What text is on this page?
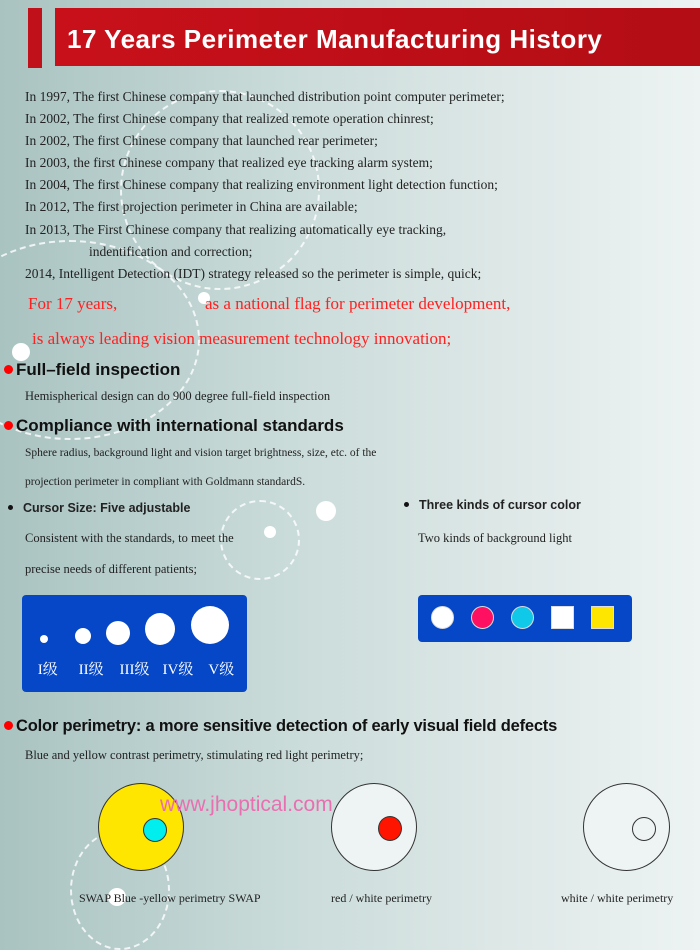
17 Years Perimeter Manufacturing History
In 1997, The first Chinese company that launched distribution point computer perimeter;
In 2002, The first Chinese company that realized remote operation chinrest;
In 2002, The first Chinese company that launched rear perimeter;
In 2003, the first Chinese company that realized eye tracking alarm system;
In 2004, The first Chinese company that realizing environment light detection function;
In 2012, The first projection perimeter in China are available;
In 2013, The First Chinese company that realizing automatically eye tracking,
indentification and correction;
2014, Intelligent Detection (IDT) strategy released so the perimeter is simple, quick;
For 17 years,	as a national flag for perimeter development,
is always leading vision measurement technology innovation;
Full–field inspection
Hemispherical design can do 900 degree full-field inspection
Compliance with international standards
Sphere radius, background light and vision target brightness, size, etc. of the
projection perimeter in compliant with Goldmann standardS.
Cursor Size: Five adjustable
Consistent with the standards, to meet the
precise needs of different patients;
Three kinds of cursor color
Two kinds of background light
I级	II级	III级 IV级	V级
Color perimetry: a more sensitive detection of early visual field defects
Blue and yellow contrast perimetry, stimulating red light perimetry;
www.jhoptical.com
SWAP Blue -yellow perimetry SWAP	red / white perimetry	white / white perimetry
